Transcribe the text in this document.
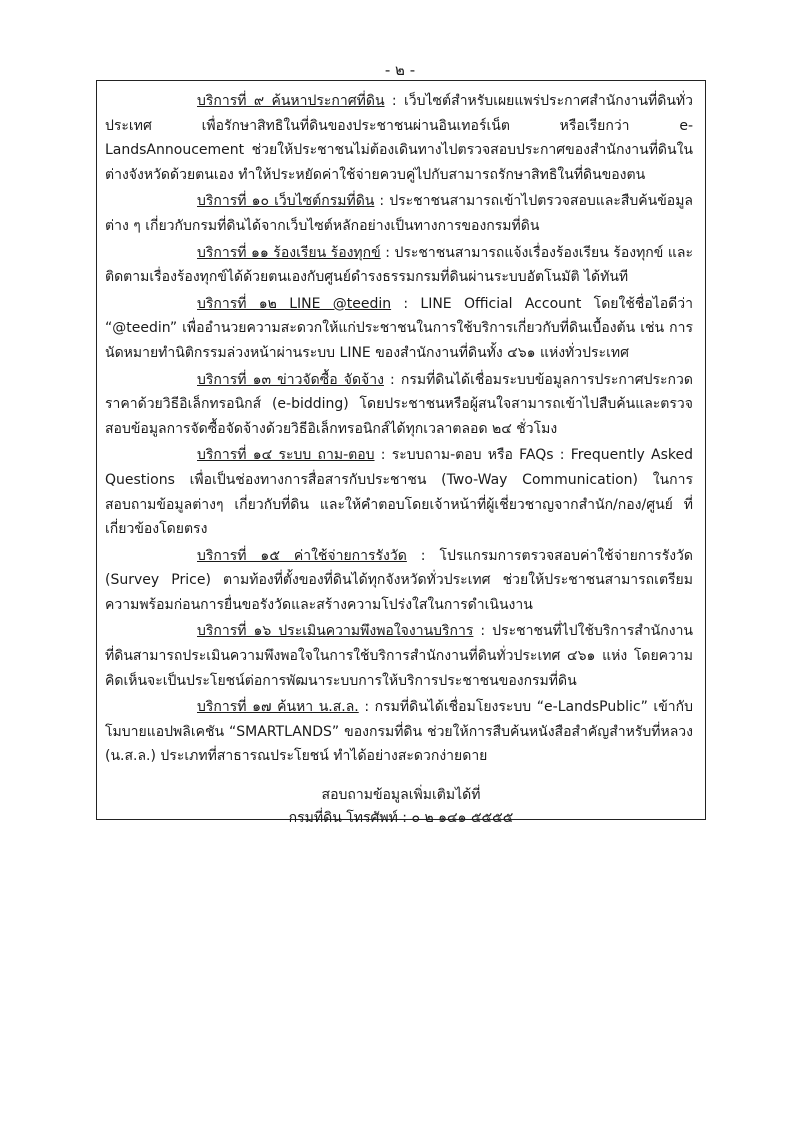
- ๒ -

บริการที่ ๙ ค้นหาประกาศที่ดิน : เว็บไซต์สำหรับเผยแพร่ประกาศสำนักงานที่ดินทั่วประเทศ เพื่อรักษาสิทธิในที่ดินของประชาชนผ่านอินเทอร์เน็ต หรือเรียกว่า e-LandsAnnoucement ช่วยให้ประชาชนไม่ต้องเดินทางไปตรวจสอบประกาศของสำนักงานที่ดินในต่างจังหวัดด้วยตนเอง ทำให้ประหยัดค่าใช้จ่ายควบคู่ไปกับสามารถรักษาสิทธิในที่ดินของตน

บริการที่ ๑๐ เว็บไซต์กรมที่ดิน : ประชาชนสามารถเข้าไปตรวจสอบและสืบค้นข้อมูลต่าง ๆ เกี่ยวกับกรมที่ดินได้จากเว็บไซต์หลักอย่างเป็นทางการของกรมที่ดิน

บริการที่ ๑๑ ร้องเรียน ร้องทุกข์ : ประชาชนสามารถแจ้งเรื่องร้องเรียน ร้องทุกข์ และติดตามเรื่องร้องทุกข์ได้ด้วยตนเองกับศูนย์ดำรงธรรมกรมที่ดินผ่านระบบอัตโนมัติ ได้ทันที

บริการที่ ๑๒ LINE @teedin : LINE Official Account โดยใช้ชื่อไอดีว่า “@teedin” เพื่ออำนวยความสะดวกให้แก่ประชาชนในการใช้บริการเกี่ยวกับที่ดินเบื้องต้น เช่น การนัดหมายทำนิติกรรมล่วงหน้าผ่านระบบ LINE ของสำนักงานที่ดินทั้ง ๔๖๑ แห่งทั่วประเทศ

บริการที่ ๑๓ ข่าวจัดซื้อ จัดจ้าง : กรมที่ดินได้เชื่อมระบบข้อมูลการประกาศประกวดราคาด้วยวิธีอิเล็กทรอนิกส์ (e-bidding) โดยประชาชนหรือผู้สนใจสามารถเข้าไปสืบค้นและตรวจสอบข้อมูลการจัดซื้อจัดจ้างด้วยวิธีอิเล็กทรอนิกส์ได้ทุกเวลาตลอด ๒๔ ชั่วโมง

บริการที่ ๑๔ ระบบ ถาม-ตอบ : ระบบถาม-ตอบ หรือ FAQs : Frequently Asked Questions เพื่อเป็นช่องทางการสื่อสารกับประชาชน (Two-Way Communication) ในการสอบถามข้อมูลต่างๆ เกี่ยวกับที่ดิน และให้คำตอบโดยเจ้าหน้าที่ผู้เชี่ยวชาญจากสำนัก/กอง/ศูนย์ ที่เกี่ยวข้องโดยตรง

บริการที่ ๑๕ ค่าใช้จ่ายการรังวัด : โปรแกรมการตรวจสอบค่าใช้จ่ายการรังวัด (Survey Price) ตามท้องที่ตั้งของที่ดินได้ทุกจังหวัดทั่วประเทศ ช่วยให้ประชาชนสามารถเตรียมความพร้อมก่อนการยื่นขอรังวัดและสร้างความโปร่งใสในการดำเนินงาน

บริการที่ ๑๖ ประเมินความพึงพอใจงานบริการ : ประชาชนที่ไปใช้บริการสำนักงานที่ดินสามารถประเมินความพึงพอใจในการใช้บริการสำนักงานที่ดินทั่วประเทศ ๔๖๑ แห่ง โดยความคิดเห็นจะเป็นประโยชน์ต่อการพัฒนาระบบการให้บริการประชาชนของกรมที่ดิน

บริการที่ ๑๗ ค้นหา น.ส.ล. : กรมที่ดินได้เชื่อมโยงระบบ “e-LandsPublic” เข้ากับโมบายแอปพลิเคชัน “SMARTLANDS” ของกรมที่ดิน ช่วยให้การสืบค้นหนังสือสำคัญสำหรับที่หลวง (น.ส.ล.) ประเภทที่สาธารณประโยชน์ ทำได้อย่างสะดวกง่ายดาย

สอบถามข้อมูลเพิ่มเติมได้ที่
กรมที่ดิน โทรศัพท์ : ๐ ๒ ๑๔๑ ๕๕๕๕
